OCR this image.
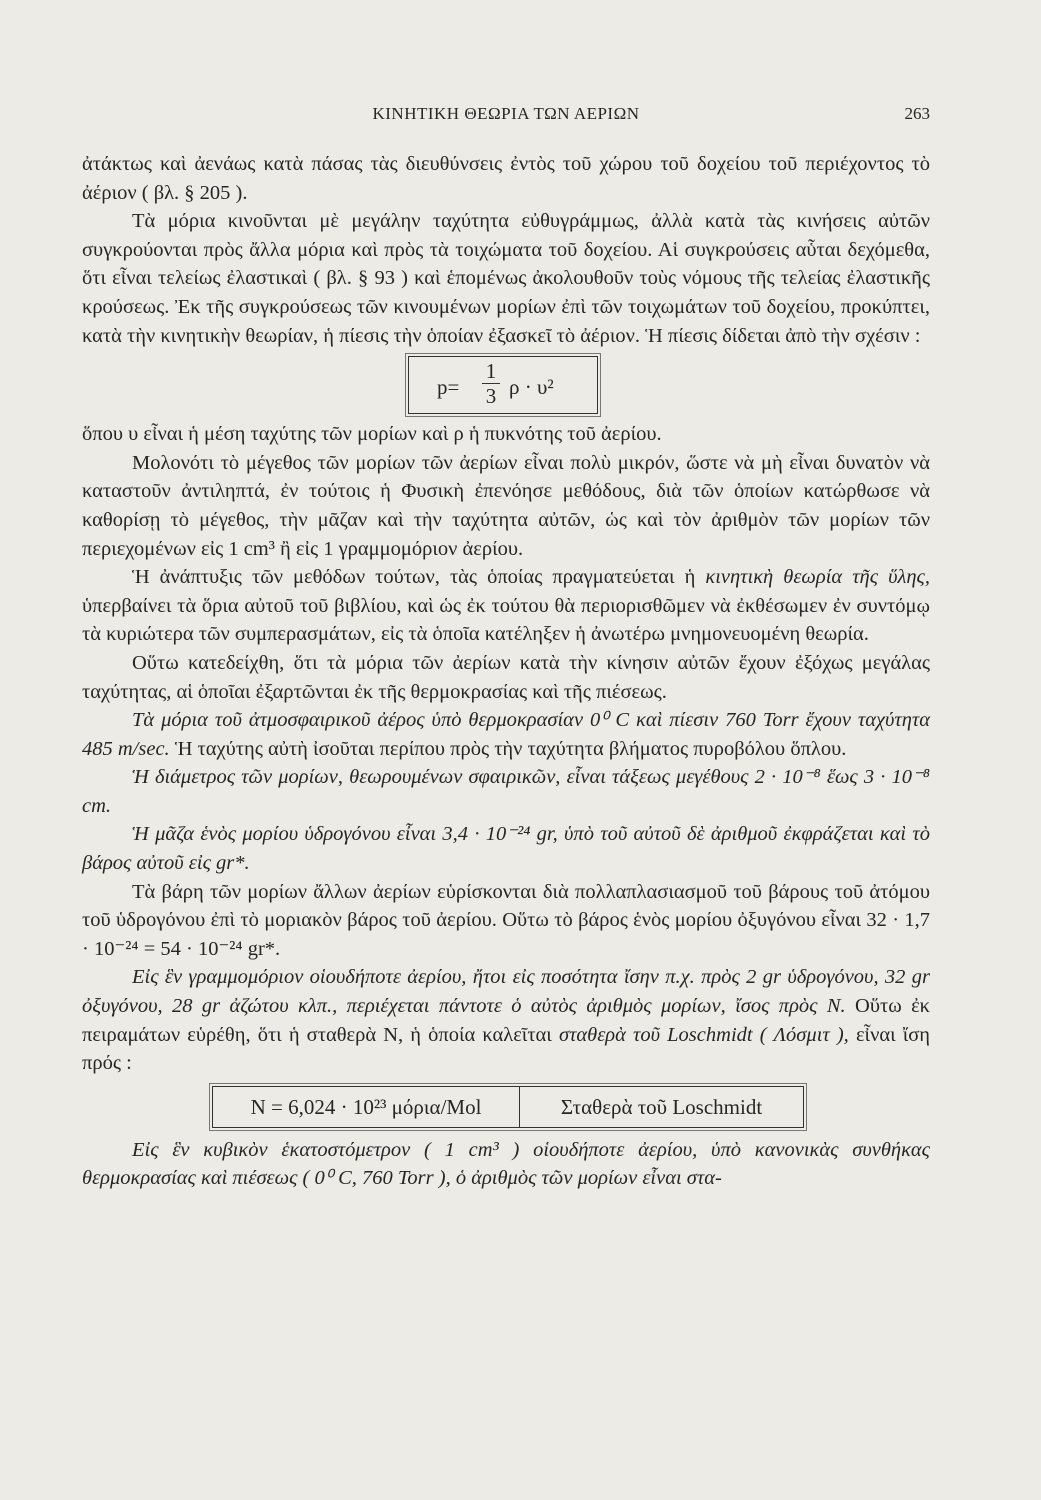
ΚΙΝΗΤΙΚΗ ΘΕΩΡΙΑ ΤΩΝ ΑΕΡΙΩΝ	263

ἀτάκτως καὶ ἀενάως κατὰ πάσας τὰς διευθύνσεις ἐντὸς τοῦ χώρου τοῦ δοχείου τοῦ περιέχοντος τὸ ἀέριον ( βλ. § 205 ).

Τὰ μόρια κινοῦνται μὲ μεγάλην ταχύτητα εὐθυγράμμως, ἀλλὰ κατὰ τὰς κινήσεις αὐτῶν συγκρούονται πρὸς ἄλλα μόρια καὶ πρὸς τὰ τοιχώματα τοῦ δοχείου. Αἱ συγκρούσεις αὗται δεχόμεθα, ὅτι εἶναι τελείως ἐλαστικαὶ ( βλ. § 93 ) καὶ ἑπομένως ἀκολουθοῦν τοὺς νόμους τῆς τελείας ἐλαστικῆς κρούσεως. Ἐκ τῆς συγκρούσεως τῶν κινουμένων μορίων ἐπὶ τῶν τοιχωμάτων τοῦ δοχείου, προκύπτει, κατὰ τὴν κινητικὴν θεωρίαν, ἡ πίεσις τὴν ὁποίαν ἐξασκεῖ τὸ ἀέριον. Ἡ πίεσις δίδεται ἀπὸ τὴν σχέσιν :

p=
1
3 ρ · υ²

ὅπου υ εἶναι ἡ μέση ταχύτης τῶν μορίων καὶ ρ ἡ πυκνότης τοῦ ἀερίου.

Μολονότι τὸ μέγεθος τῶν μορίων τῶν ἀερίων εἶναι πολὺ μικρόν, ὥστε νὰ μὴ εἶναι δυνατὸν νὰ καταστοῦν ἀντιληπτά, ἐν τούτοις ἡ Φυσικὴ ἐπενόησε μεθόδους, διὰ τῶν ὁποίων κατώρθωσε νὰ καθορίσῃ τὸ μέγεθος, τὴν μᾶζαν καὶ τὴν ταχύτητα αὐτῶν, ὡς καὶ τὸν ἀριθμὸν τῶν μορίων τῶν περιεχομένων εἰς 1 cm³ ἢ εἰς 1 γραμμομόριον ἀερίου.

Ἡ ἀνάπτυξις τῶν μεθόδων τούτων, τὰς ὁποίας πραγματεύεται ἡ κινητικὴ θεωρία τῆς ὕλης, ὑπερβαίνει τὰ ὅρια αὐτοῦ τοῦ βιβλίου, καὶ ὡς ἐκ τούτου θὰ περιορισθῶμεν νὰ ἐκθέσωμεν ἐν συντόμῳ τὰ κυριώτερα τῶν συμπερασμάτων, εἰς τὰ ὁποῖα κατέληξεν ἡ ἀνωτέρω μνημονευομένη θεωρία.

Οὕτω κατεδείχθη, ὅτι τὰ μόρια τῶν ἀερίων κατὰ τὴν κίνησιν αὐτῶν ἔχουν ἐξόχως μεγάλας ταχύτητας, αἱ ὁποῖαι ἐξαρτῶνται ἐκ τῆς θερμοκρασίας καὶ τῆς πιέσεως.

Τὰ μόρια τοῦ ἀτμοσφαιρικοῦ ἀέρος ὑπὸ θερμοκρασίαν 0⁰ C καὶ πίεσιν 760 Torr ἔχουν ταχύτητα 485 m/sec. Ἡ ταχύτης αὐτὴ ἰσοῦται περίπου πρὸς τὴν ταχύτητα βλήματος πυροβόλου ὅπλου.

Ἡ διάμετρος τῶν μορίων, θεωρουμένων σφαιρικῶν, εἶναι τάξεως μεγέθους 2 · 10⁻⁸ ἕως 3 · 10⁻⁸ cm.

Ἡ μᾶζα ἑνὸς μορίου ὑδρογόνου εἶναι 3,4 · 10⁻²⁴ gr, ὑπὸ τοῦ αὐτοῦ δὲ ἀριθμοῦ ἐκφράζεται καὶ τὸ βάρος αὐτοῦ εἰς gr*.

Τὰ βάρη τῶν μορίων ἄλλων ἀερίων εὑρίσκονται διὰ πολλαπλασιασμοῦ τοῦ βάρους τοῦ ἀτόμου τοῦ ὑδρογόνου ἐπὶ τὸ μοριακὸν βάρος τοῦ ἀερίου. Οὕτω τὸ βάρος ἑνὸς μορίου ὀξυγόνου εἶναι 32 · 1,7 · 10⁻²⁴ = 54 · 10⁻²⁴ gr*.

Εἰς ἓν γραμμομόριον οἱουδήποτε ἀερίου, ἤτοι εἰς ποσότητα ἴσην π.χ. πρὸς 2 gr ὑδρογόνου, 32 gr ὀξυγόνου, 28 gr ἀζώτου κλπ., περιέχεται πάντοτε ὁ αὐτὸς ἀριθμὸς μορίων, ἴσος πρὸς N. Οὕτω ἐκ πειραμάτων εὑρέθη, ὅτι ἡ σταθερὰ N, ἡ ὁποία καλεῖται σταθερὰ τοῦ Loschmidt ( Λόσμιτ ), εἶναι ἴση πρός :

N = 6,024 · 10²³ μόρια/Mol	Σταθερὰ τοῦ Loschmidt

Εἰς ἓν κυβικὸν ἑκατοστόμετρον ( 1 cm³ ) οἱουδήποτε ἀερίου, ὑπὸ κανονικὰς συνθήκας θερμοκρασίας καὶ πιέσεως ( 0⁰ C, 760 Torr ), ὁ ἀριθμὸς τῶν μορίων εἶναι στα-
